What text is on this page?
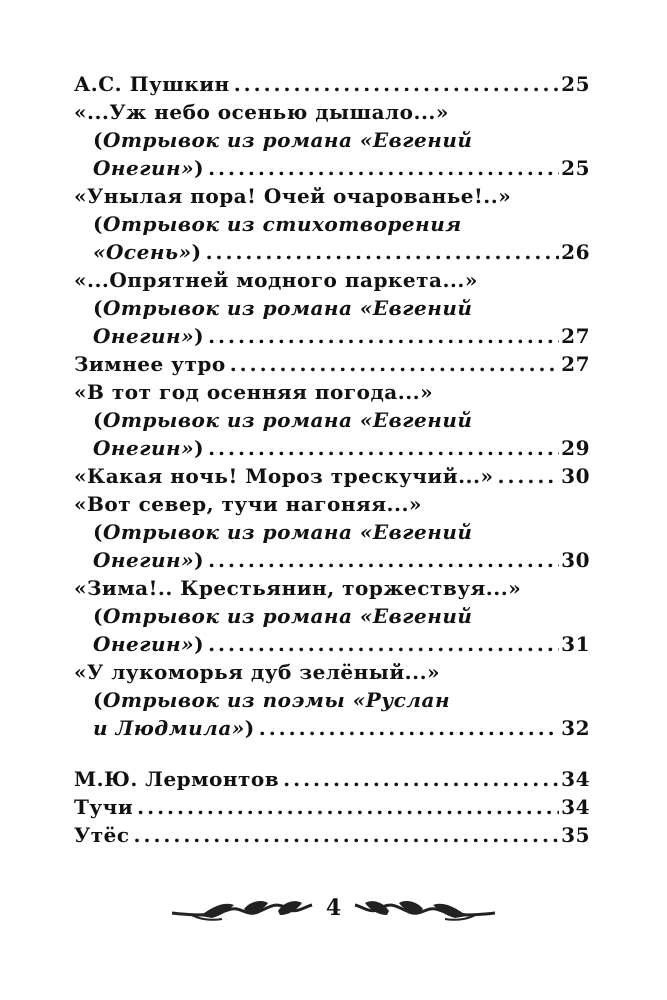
А.С. Пушкин .....	25
«...Уж небо осенью дышало...»
(Отрывок из романа «Евгений
Онегин») .....	25
«Унылая пора! Очей очарованье!..»
(Отрывок из стихотворения
«Осень») .....	26
«...Опрятней модного паркета...»
(Отрывок из романа «Евгений
Онегин») .....	27
Зимнее утро .....	27
«В тот год осенняя погода...»
(Отрывок из романа «Евгений
Онегин») .....	29
«Какая ночь! Мороз трескучий...» .....	30
«Вот север, тучи нагоняя...»
(Отрывок из романа «Евгений
Онегин») .....	30
«Зима!.. Крестьянин, торжествуя...»
(Отрывок из романа «Евгений
Онегин») .....	31
«У лукоморья дуб зелёный...»
(Отрывок из поэмы «Руслан
и Людмила») .....	32
М.Ю. Лермонтов .....	34
Тучи .....	34
Утёс .....	35
4
